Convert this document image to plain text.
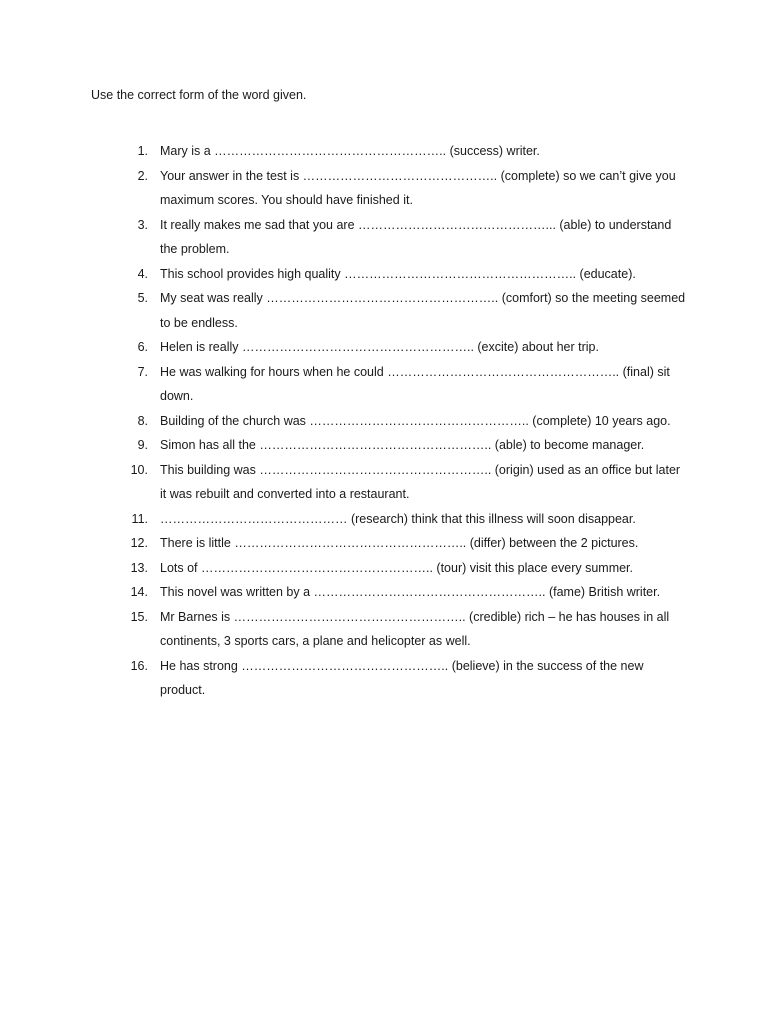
Use the correct form of the word given.
1. Mary is a ……………………………………………….. (success) writer.
2. Your answer in the test is ……………………………………….. (complete) so we can’t give you maximum scores. You should have finished it.
3. It really makes me sad that you are ………………………………………... (able) to understand the problem.
4. This school provides high quality ……………………………………………….. (educate).
5. My seat was really ……………………………………………….. (comfort) so the meeting seemed to be endless.
6. Helen is really ……………………………………………….. (excite) about her trip.
7. He was walking for hours when he could ……………………………………………….. (final) sit down.
8. Building of the church was …………………………………………….. (complete) 10 years ago.
9. Simon has all the ……………………………………………….. (able) to become manager.
10. This building was ……………………………………………….. (origin) used as an office but later it was rebuilt and converted into a restaurant.
11. ……………………………………… (research) think that this illness will soon disappear.
12. There is little ……………………………………………….. (differ) between the 2 pictures.
13. Lots of ……………………………………………….. (tour) visit this place every summer.
14. This novel was written by a ……………………………………………….. (fame) British writer.
15. Mr Barnes is ……………………………………………….. (credible) rich – he has houses in all continents, 3 sports cars, a plane and helicopter as well.
16. He has strong ………………………………………….. (believe) in the success of the new product.
